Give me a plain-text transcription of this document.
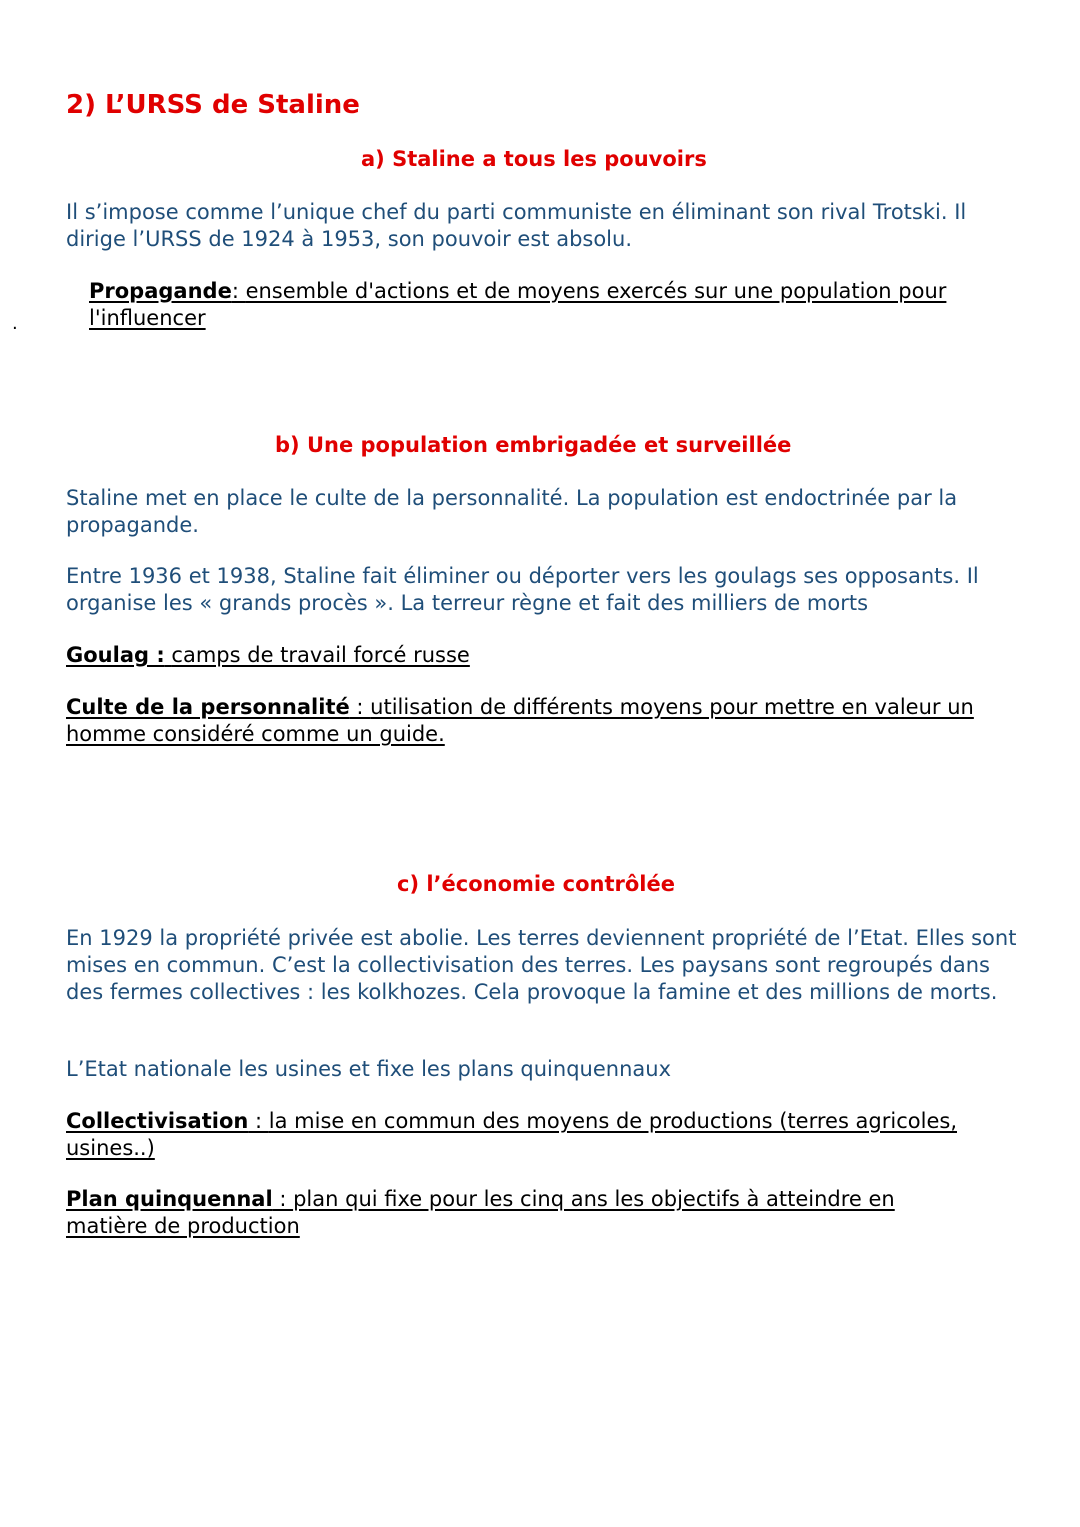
2) L’URSS de Staline
a) Staline a tous les pouvoirs

Il s’impose comme l’unique chef du parti communiste en éliminant son rival Trotski. Il dirige l’URSS de 1924 à 1953, son pouvoir est absolu.

.

Propagande: ensemble d'actions et de moyens exercés sur une population pour l'influencer

b) Une population embrigadée et surveillée

Staline met en place le culte de la personnalité. La population est endoctrinée par la propagande.

Entre 1936 et 1938, Staline fait éliminer ou déporter vers les goulags ses opposants. Il organise les « grands procès ». La terreur règne et fait des milliers de morts

Goulag : camps de travail forcé russe

Culte de la personnalité : utilisation de différents moyens pour mettre en valeur un homme considéré comme un guide.

c) l’économie contrôlée

En 1929 la propriété privée est abolie. Les terres deviennent propriété de l’Etat. Elles sont mises en commun. C’est la collectivisation des terres. Les paysans sont regroupés dans des fermes collectives : les kolkhozes. Cela provoque la famine et des millions de morts.

L’Etat nationale les usines et fixe les plans quinquennaux

Collectivisation : la mise en commun des moyens de productions (terres agricoles, usines..)

Plan quinquennal : plan qui fixe pour les cinq ans les objectifs à atteindre en matière de production
